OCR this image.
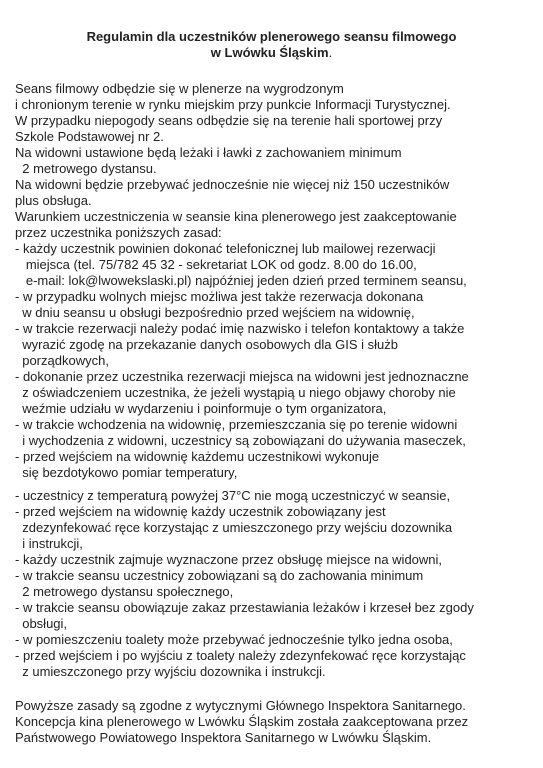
Regulamin dla uczestników plenerowego seansu filmowego
w Lwówku Śląskim.

Seans filmowy odbędzie się w plenerze na wygrodzonym

i chronionym terenie w rynku miejskim przy punkcie Informacji Turystycznej.

W przypadku niepogody seans odbędzie się na terenie hali sportowej przy

Szkole Podstawowej nr 2.

Na widowni ustawione będą leżaki i ławki z zachowaniem minimum

2 metrowego dystansu.

Na widowni będzie przebywać jednocześnie nie więcej niż 150 uczestników

plus obsługa.

Warunkiem uczestniczenia w seansie kina plenerowego jest zaakceptowanie

przez uczestnika poniższych zasad:

- każdy uczestnik powinien dokonać telefonicznej lub mailowej rezerwacji

miejsca (tel. 75/782 45 32 - sekretariat LOK od godz. 8.00 do 16.00,

e-mail: lok@lwowekslaski.pl) najpóźniej jeden dzień przed terminem seansu,

- w przypadku wolnych miejsc możliwa jest także rezerwacja dokonana

w dniu seansu u obsługi bezpośrednio przed wejściem na widownię,

- w trakcie rezerwacji należy podać imię nazwisko i telefon kontaktowy a także

wyrazić zgodę na przekazanie danych osobowych dla GIS i służb

porządkowych,

- dokonanie przez uczestnika rezerwacji miejsca na widowni jest jednoznaczne

z oświadczeniem uczestnika, że jeżeli wystąpią u niego objawy choroby nie

weźmie udziału w wydarzeniu i poinformuje o tym organizatora,

- w trakcie wchodzenia na widownię, przemieszczania się po terenie widowni

i wychodzenia z widowni, uczestnicy są zobowiązani do używania maseczek,

- przed wejściem na widownię każdemu uczestnikowi wykonuje

się bezdotykowo pomiar temperatury,

- uczestnicy z temperaturą powyżej 37°C nie mogą uczestniczyć w seansie,

- przed wejściem na widownię każdy uczestnik zobowiązany jest

zdezynfekować ręce korzystając z umieszczonego przy wejściu dozownika

i instrukcji,

- każdy uczestnik zajmuje wyznaczone przez obsługę miejsce na widowni,

- w trakcie seansu uczestnicy zobowiązani są do zachowania minimum

2 metrowego dystansu społecznego,

- w trakcie seansu obowiązuje zakaz przestawiania leżaków i krzeseł bez zgody

obsługi,

- w pomieszczeniu toalety może przebywać jednocześnie tylko jedna osoba,

- przed wejściem i po wyjściu z toalety należy zdezynfekować ręce korzystając

z umieszczonego przy wyjściu dozownika i instrukcji.

Powyższe zasady są zgodne z wytycznymi Głównego Inspektora Sanitarnego.

Koncepcja kina plenerowego w Lwówku Śląskim została zaakceptowana przez

Państwowego Powiatowego Inspektora Sanitarnego w Lwówku Śląskim.
